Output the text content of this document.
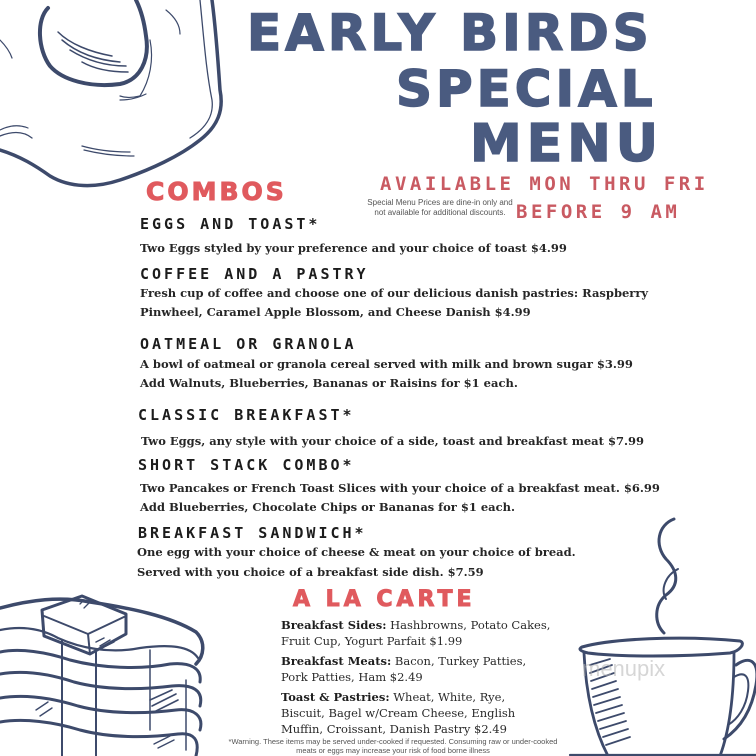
EARLY BIRDS
SPECIAL
MENU
AVAILABLE MON THRU FRI
Special Menu Prices are dine-in only and not available for additional discounts. BEFORE 9 AM
COMBOS
EGGS AND TOAST*
Two Eggs styled by your preference and your choice of toast $4.99
COFFEE AND A PASTRY
Fresh cup of coffee and choose one of our delicious danish pastries: Raspberry
Pinwheel, Caramel Apple Blossom, and Cheese Danish $4.99
OATMEAL OR GRANOLA
A bowl of oatmeal or granola cereal served with milk and brown sugar $3.99
Add Walnuts, Blueberries, Bananas or Raisins for $1 each.
CLASSIC BREAKFAST*
Two Eggs, any style with your choice of a side, toast and breakfast meat $7.99
SHORT STACK COMBO*
Two Pancakes or French Toast Slices with your choice of a breakfast meat. $6.99
Add Blueberries, Chocolate Chips or Bananas for $1 each.
BREAKFAST SANDWICH*
One egg with your choice of cheese & meat on your choice of bread.
Served with you choice of a breakfast side dish. $7.59
A LA CARTE
Breakfast Sides: Hashbrowns, Potato Cakes, Fruit Cup, Yogurt Parfait $1.99
Breakfast Meats: Bacon, Turkey Patties, Pork Patties, Ham $2.49
Toast & Pastries: Wheat, White, Rye, Biscuit, Bagel w/Cream Cheese, English Muffin, Croissant, Danish Pastry $2.49
*Warning. These items may be served under-cooked if requested. Consuming raw or under-cooked meats or eggs may increase your risk of food borne illness
menupix
